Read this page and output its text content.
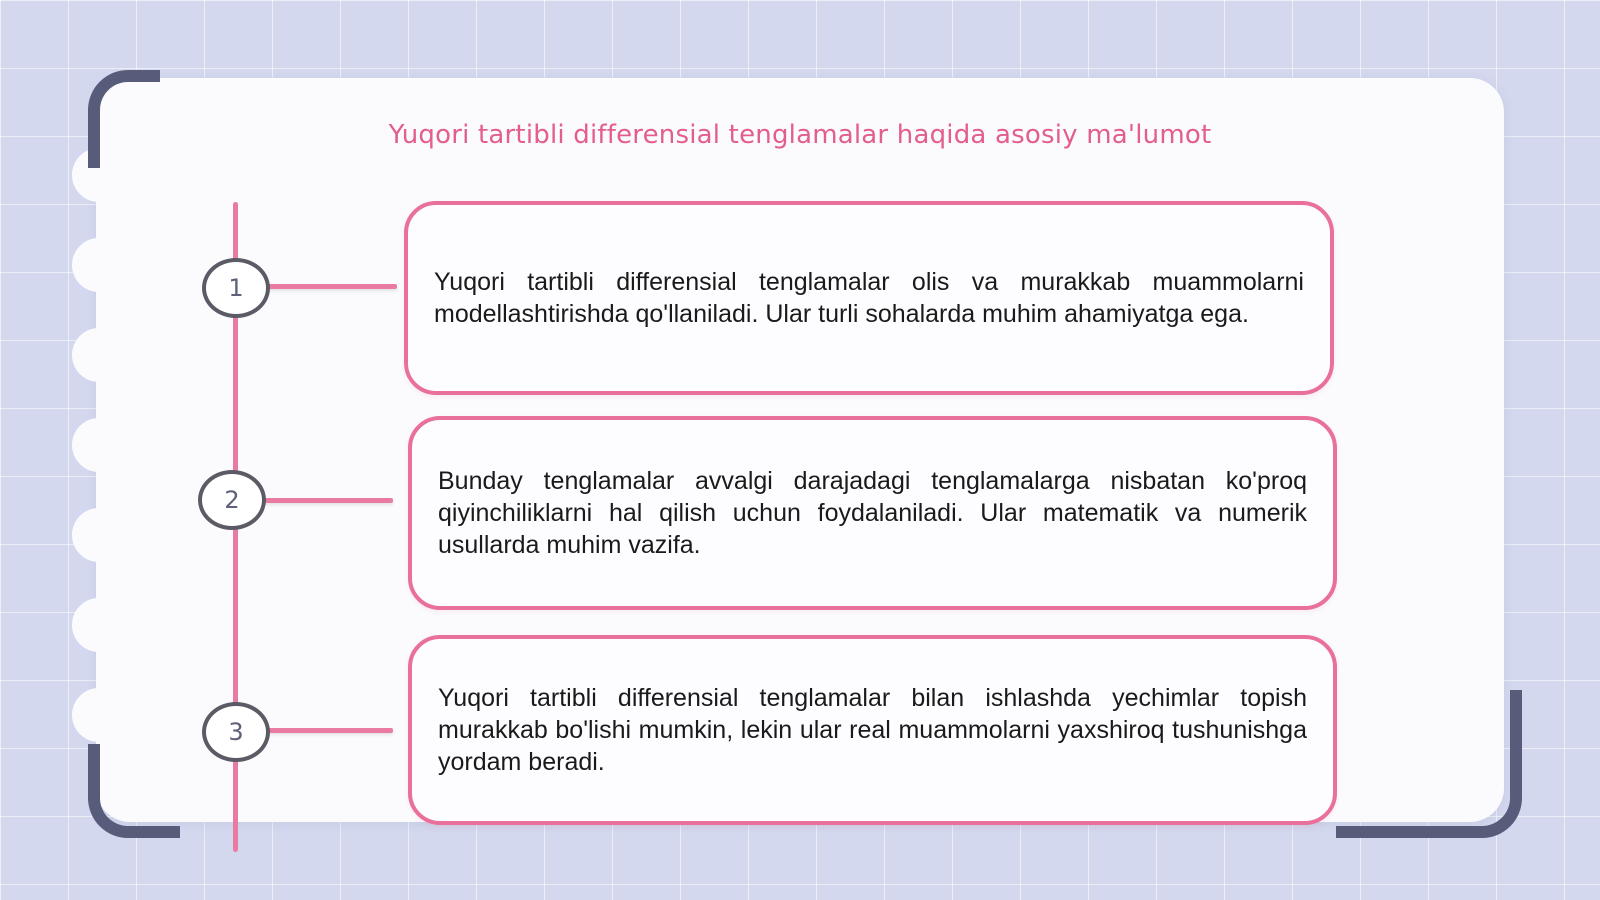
Yuqori tartibli differensial tenglamalar haqida asosiy ma'lumot
1	Yuqori tartibli differensial tenglamalar olis va murakkab muammolarni modellashtirishda qo'llaniladi. Ular turli sohalarda muhim ahamiyatga ega.

2

Bunday tenglamalar avvalgi darajadagi tenglamalarga nisbatan ko'proq qiyinchiliklarni hal qilish uchun foydalaniladi. Ular matematik va numerik usullarda muhim vazifa.

3

Yuqori tartibli differensial tenglamalar bilan ishlashda yechimlar topish murakkab bo'lishi mumkin, lekin ular real muammolarni yaxshiroq tushunishga yordam beradi.
